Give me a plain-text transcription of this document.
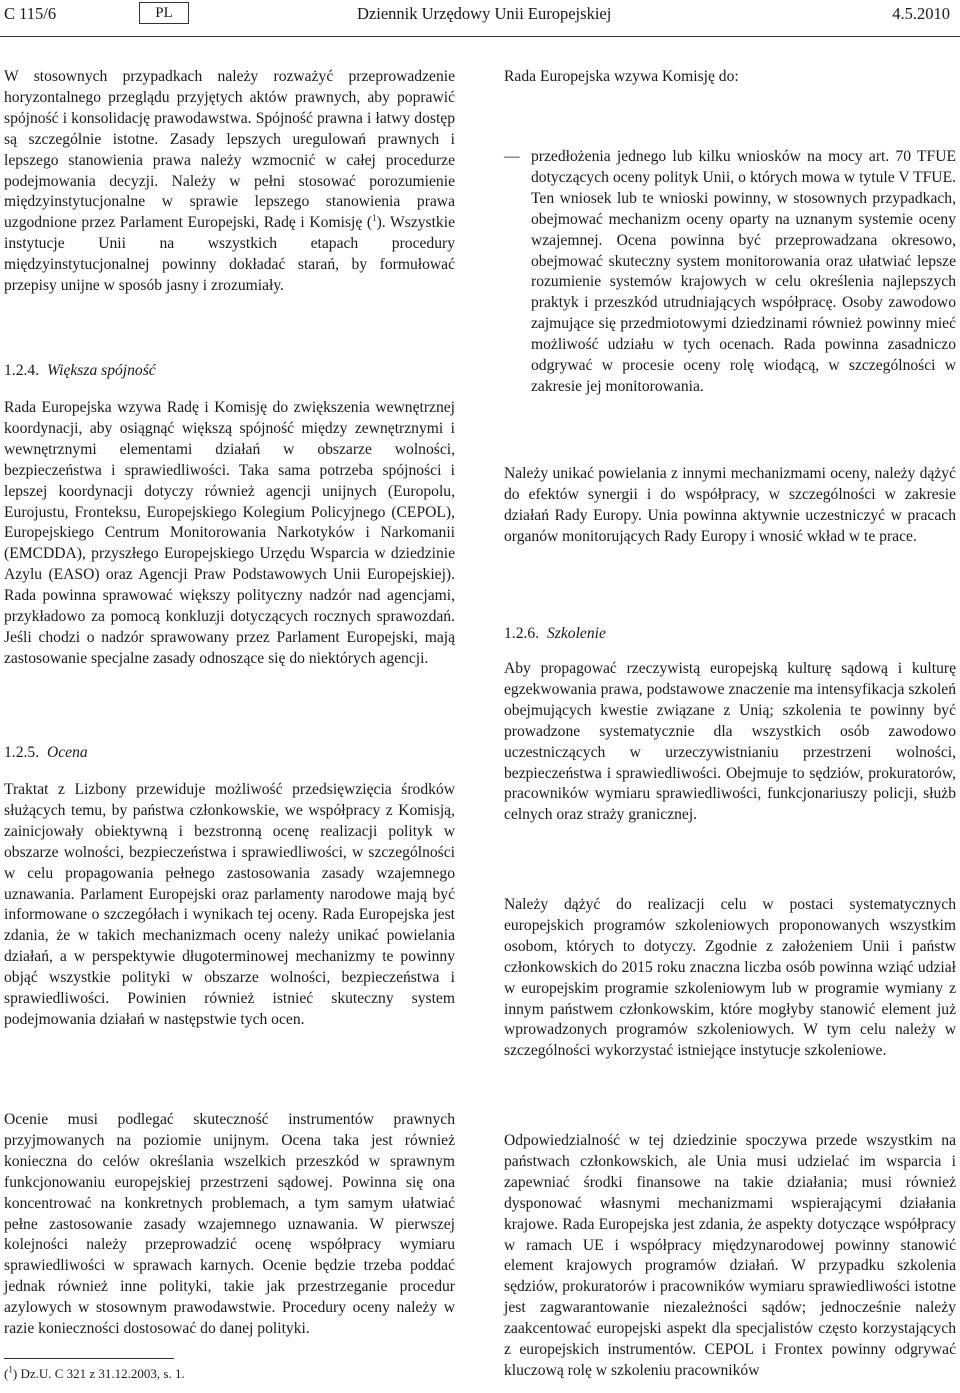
C 115/6	PL	Dziennik Urzędowy Unii Europejskiej	4.5.2010

W stosownych przypadkach należy rozważyć przeprowadzenie horyzontalnego przeglądu przyjętych aktów prawnych, aby poprawić spójność i konsolidację prawodawstwa. Spójność prawna i łatwy dostęp są szczególnie istotne. Zasady lepszych uregulowań prawnych i lepszego stanowienia prawa należy wzmocnić w całej procedurze podejmowania decyzji. Należy w pełni stosować porozumienie międzyinstytucjonalne w sprawie lepszego stanowienia prawa uzgodnione przez Parlament Europejski, Radę i Komisję ($^1$). Wszystkie instytucje Unii na wszystkich etapach procedury międzyinstytucjonalnej powinny dokładać starań, by formułować przepisy unijne w sposób jasny i zrozumiały.

1.2.4. Większa spójność

Rada Europejska wzywa Radę i Komisję do zwiększenia wewnętrznej koordynacji, aby osiągnąć większą spójność między zewnętrznymi i wewnętrznymi elementami działań w obszarze wolności, bezpieczeństwa i sprawiedliwości. Taka sama potrzeba spójności i lepszej koordynacji dotyczy również agencji unijnych (Europolu, Eurojustu, Fronteksu, Europejskiego Kolegium Policyjnego (CEPOL), Europejskiego Centrum Monitorowania Narkotyków i Narkomanii (EMCDDA), przyszłego Europejskiego Urzędu Wsparcia w dziedzinie Azylu (EASO) oraz Agencji Praw Podstawowych Unii Europejskiej). Rada powinna sprawować większy polityczny nadzór nad agencjami, przykładowo za pomocą konkluzji dotyczących rocznych sprawozdań. Jeśli chodzi o nadzór sprawowany przez Parlament Europejski, mają zastosowanie specjalne zasady odnoszące się do niektórych agencji.

1.2.5. Ocena

Traktat z Lizbony przewiduje możliwość przedsięwzięcia środków służących temu, by państwa członkowskie, we współpracy z Komisją, zainicjowały obiektywną i bezstronną ocenę realizacji polityk w obszarze wolności, bezpieczeństwa i sprawiedliwości, w szczególności w celu propagowania pełnego zastosowania zasady wzajemnego uznawania. Parlament Europejski oraz parlamenty narodowe mają być informowane o szczegółach i wynikach tej oceny. Rada Europejska jest zdania, że w takich mechanizmach oceny należy unikać powielania działań, a w perspektywie długoterminowej mechanizmy te powinny objąć wszystkie polityki w obszarze wolności, bezpieczeństwa i sprawiedliwości. Powinien również istnieć skuteczny system podejmowania działań w następstwie tych ocen.

Ocenie musi podlegać skuteczność instrumentów prawnych przyjmowanych na poziomie unijnym. Ocena taka jest również konieczna do celów określania wszelkich przeszkód w sprawnym funkcjonowaniu europejskiej przestrzeni sądowej. Powinna się ona koncentrować na konkretnych problemach, a tym samym ułatwiać pełne zastosowanie zasady wzajemnego uznawania. W pierwszej kolejności należy przeprowadzić ocenę współpracy wymiaru sprawiedliwości w sprawach karnych. Ocenie będzie trzeba poddać jednak również inne polityki, takie jak przestrzeganie procedur azylowych w stosownym prawodawstwie. Procedury oceny należy w razie konieczności dostosować do danej polityki.

Rada Europejska wzywa Komisję do:

— przedłożenia jednego lub kilku wniosków na mocy art. 70 TFUE dotyczących oceny polityk Unii, o których mowa w tytule V TFUE. Ten wniosek lub te wnioski powinny, w stosownych przypadkach, obejmować mechanizm oceny oparty na uznanym systemie oceny wzajemnej. Ocena powinna być przeprowadzana okresowo, obejmować skuteczny system monitorowania oraz ułatwiać lepsze rozumienie systemów krajowych w celu określenia najlepszych praktyk i przeszkód utrudniających współpracę. Osoby zawodowo zajmujące się przedmiotowymi dziedzinami również powinny mieć możliwość udziału w tych ocenach. Rada powinna zasadniczo odgrywać w procesie oceny rolę wiodącą, w szczególności w zakresie jej monitorowania.

Należy unikać powielania z innymi mechanizmami oceny, należy dążyć do efektów synergii i do współpracy, w szczególności w zakresie działań Rady Europy. Unia powinna aktywnie uczestniczyć w pracach organów monitorujących Rady Europy i wnosić wkład w te prace.

1.2.6. Szkolenie

Aby propagować rzeczywistą europejską kulturę sądową i kulturę egzekwowania prawa, podstawowe znaczenie ma intensyfikacja szkoleń obejmujących kwestie związane z Unią; szkolenia te powinny być prowadzone systematycznie dla wszystkich osób zawodowo uczestniczących w urzeczywistnianiu przestrzeni wolności, bezpieczeństwa i sprawiedliwości. Obejmuje to sędziów, prokuratorów, pracowników wymiaru sprawiedliwości, funkcjonariuszy policji, służb celnych oraz straży granicznej.

Należy dążyć do realizacji celu w postaci systematycznych europejskich programów szkoleniowych proponowanych wszystkim osobom, których to dotyczy. Zgodnie z założeniem Unii i państw członkowskich do 2015 roku znaczna liczba osób powinna wziąć udział w europejskim programie szkoleniowym lub w programie wymiany z innym państwem członkowskim, które mogłyby stanowić element już wprowadzonych programów szkoleniowych. W tym celu należy w szczególności wykorzystać istniejące instytucje szkoleniowe.

Odpowiedzialność w tej dziedzinie spoczywa przede wszystkim na państwach członkowskich, ale Unia musi udzielać im wsparcia i zapewniać środki finansowe na takie działania; musi również dysponować własnymi mechanizmami wspierającymi działania krajowe. Rada Europejska jest zdania, że aspekty dotyczące współpracy w ramach UE i współpracy międzynarodowej powinny stanowić element krajowych programów działań. W przypadku szkolenia sędziów, prokuratorów i pracowników wymiaru sprawiedliwości istotne jest zagwarantowanie niezależności sądów; jednocześnie należy zaakcentować europejski aspekt dla specjalistów często korzystających z europejskich instrumentów. CEPOL i Frontex powinny odgrywać kluczową rolę w szkoleniu pracowników

($^1$) Dz.U. C 321 z 31.12.2003, s. 1.
